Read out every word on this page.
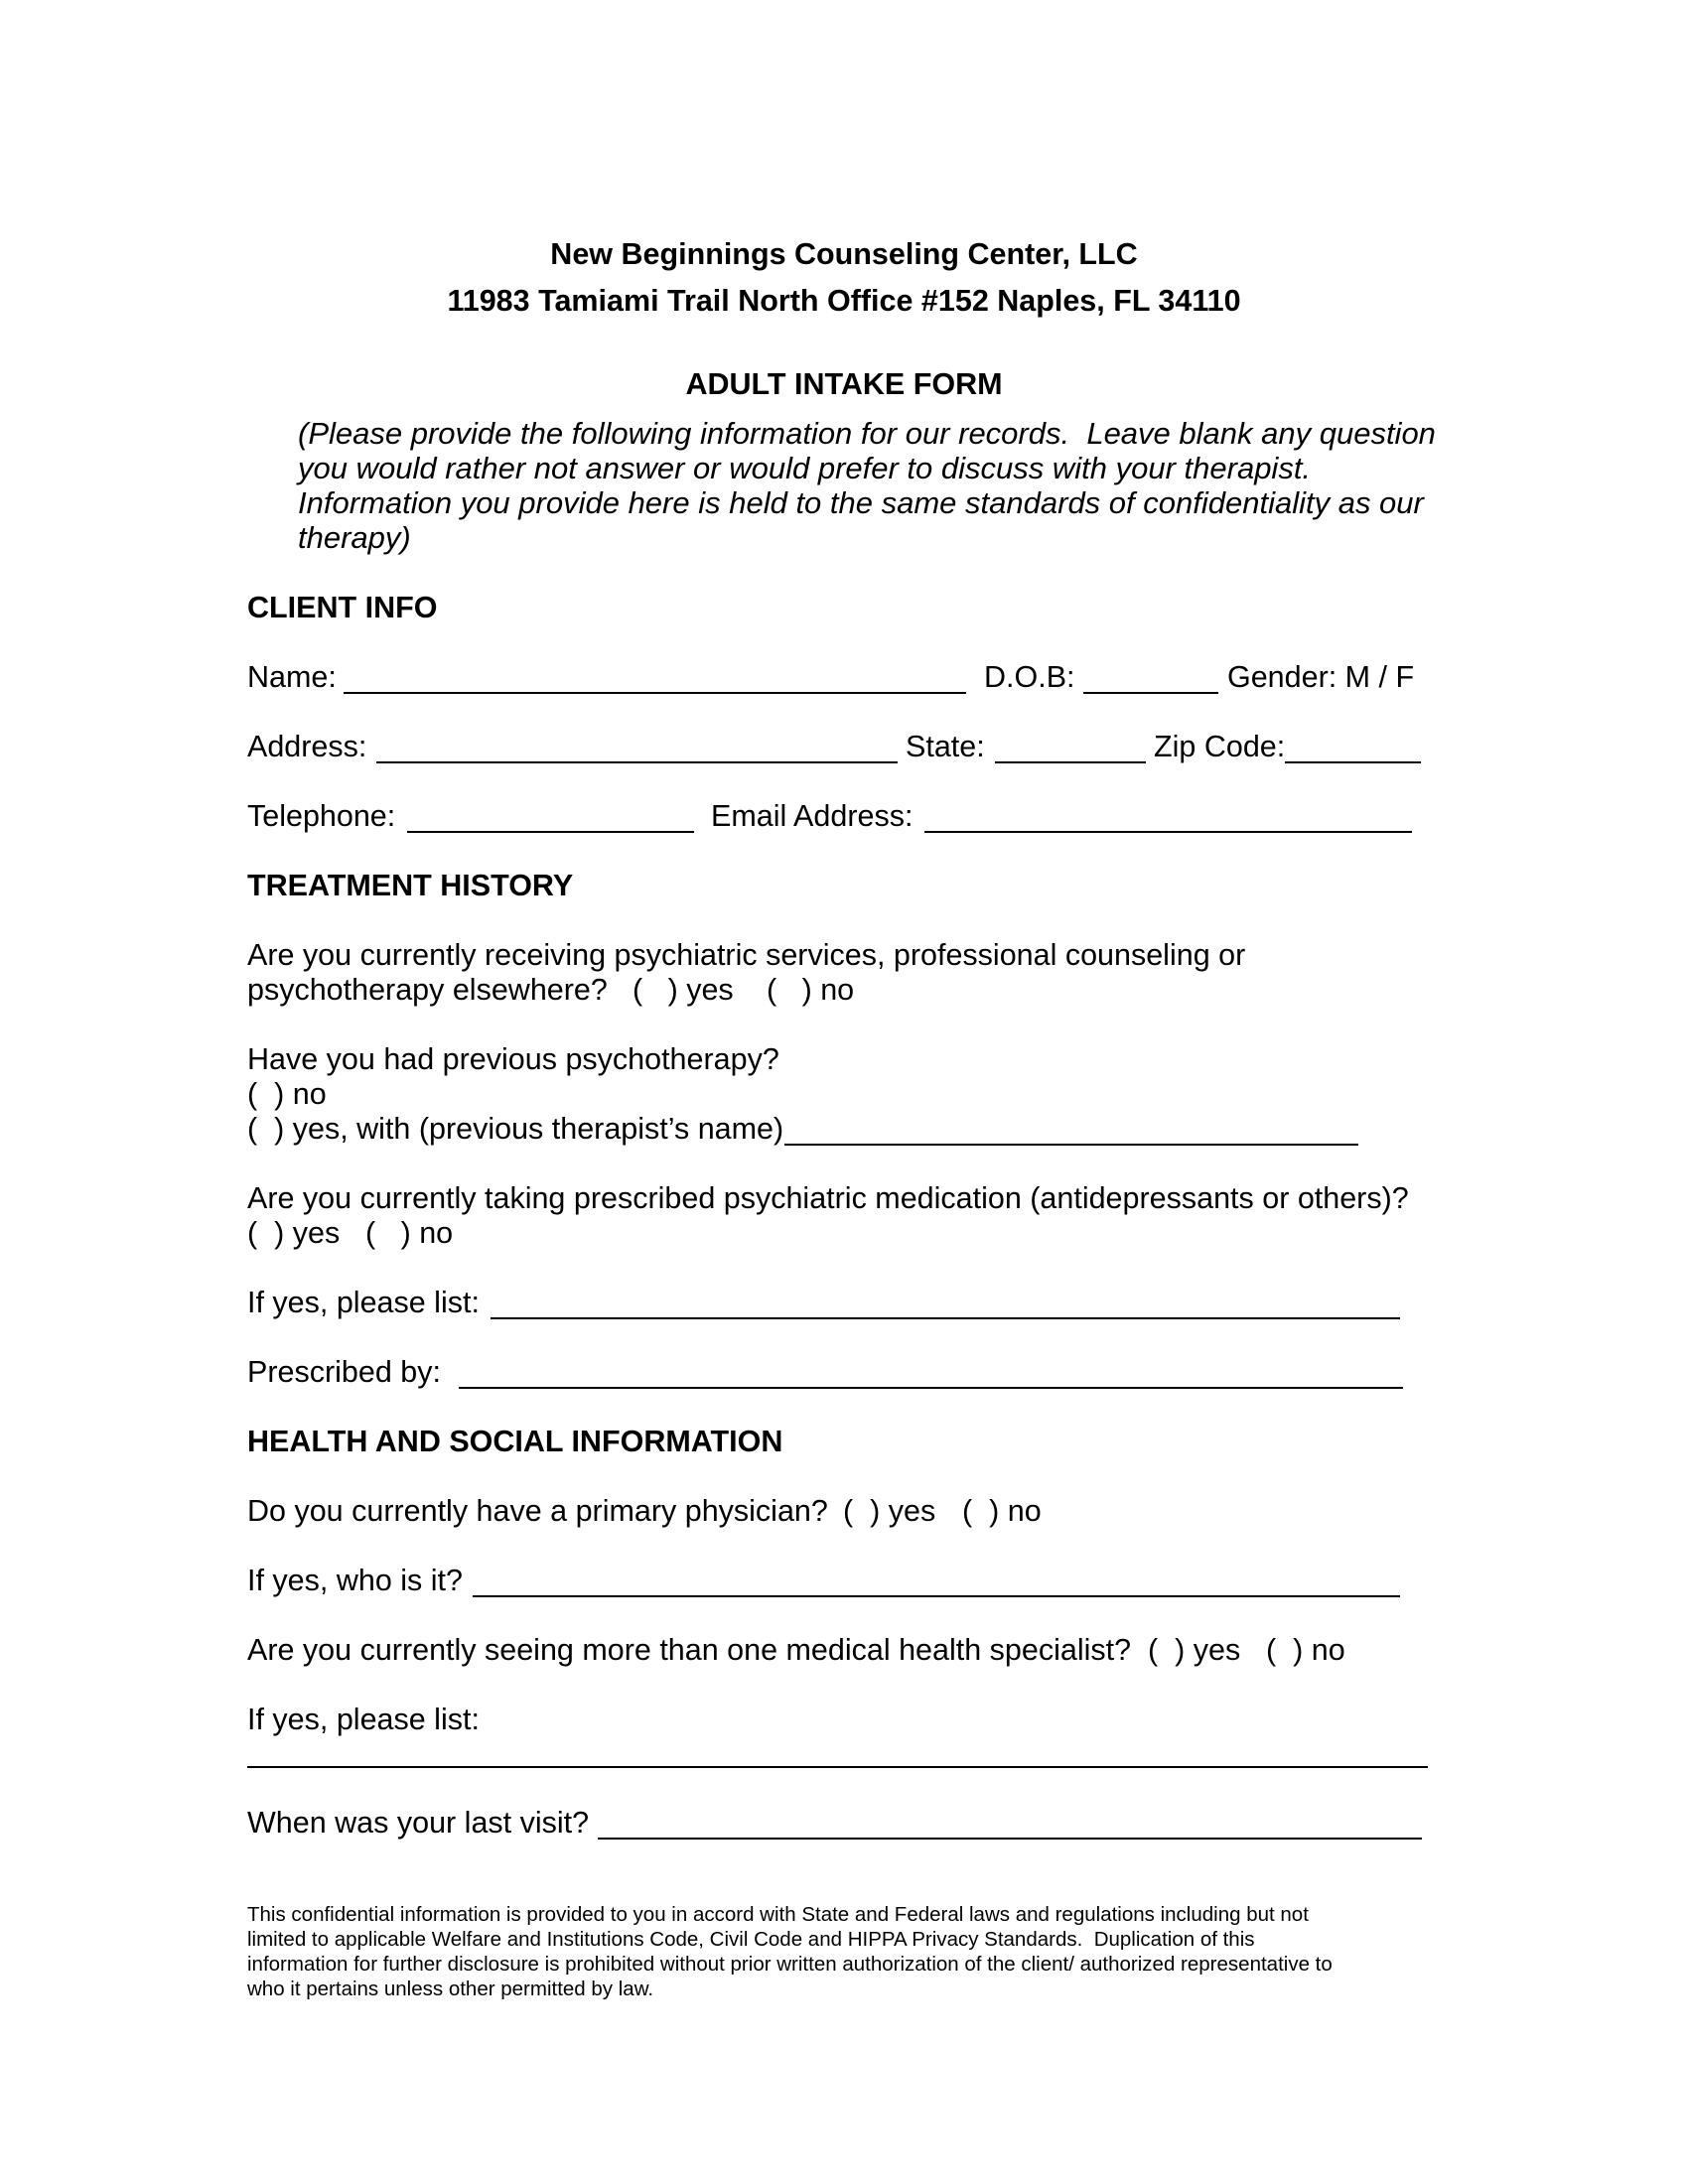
New Beginnings Counseling Center, LLC
11983 Tamiami Trail North Office #152 Naples, FL 34110
ADULT INTAKE FORM
(Please provide the following information for our records.  Leave blank any question
you would rather not answer or would prefer to discuss with your therapist.
Information you provide here is held to the same standards of confidentiality as our
therapy)
CLIENT INFO
Name:	D.O.B:	Gender: M / F
Address:	State:	Zip Code:
Telephone:	Email Address:
TREATMENT HISTORY
Are you currently receiving psychiatric services, professional counseling or
psychotherapy elsewhere? (   ) yes (   ) no
Have you had previous psychotherapy?
(  ) no
(  ) yes, with (previous therapist’s name)
Are you currently taking prescribed psychiatric medication (antidepressants or others)?
(  ) yes (   ) no
If yes, please list:
Prescribed by:
HEALTH AND SOCIAL INFORMATION
Do you currently have a primary physician? (  ) yes (  ) no
If yes, who is it?
Are you currently seeing more than one medical health specialist? (  ) yes (  ) no
If yes, please list:
When was your last visit?
This confidential information is provided to you in accord with State and Federal laws and regulations including but not
limited to applicable Welfare and Institutions Code, Civil Code and HIPPA Privacy Standards.  Duplication of this
information for further disclosure is prohibited without prior written authorization of the client/ authorized representative to
who it pertains unless other permitted by law.
